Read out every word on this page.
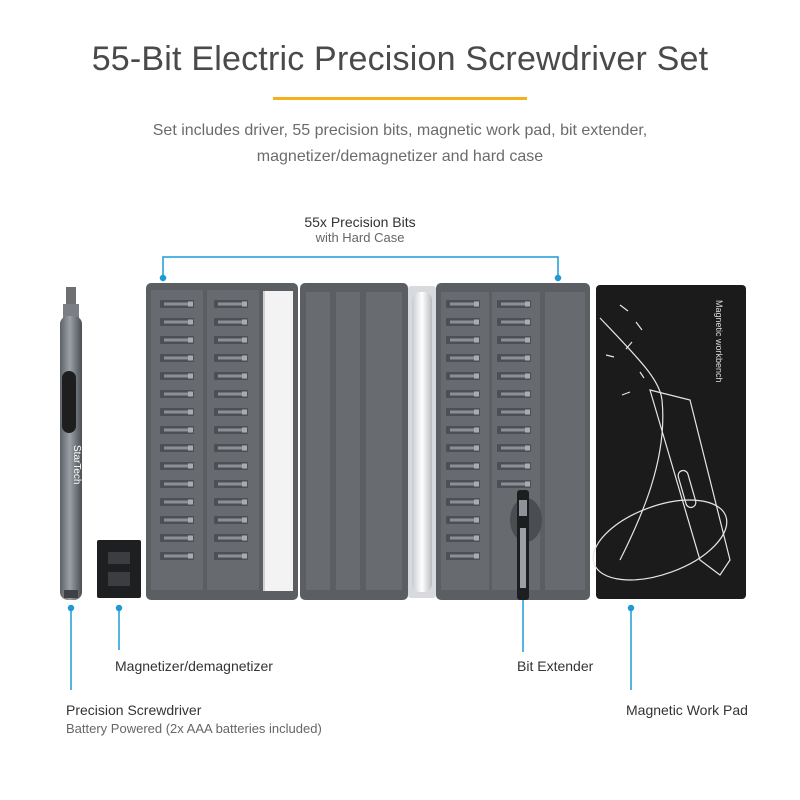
55-Bit Electric Precision Screwdriver Set
Set includes driver, 55 precision bits, magnetic work pad, bit extender,
magnetizer/demagnetizer and hard case
StarTech
Magnetic workbench
55x Precision Bits
with Hard Case
Magnetizer/demagnetizer	Bit Extender
Precision Screwdriver
Battery Powered (2x AAA batteries included)
Magnetic Work Pad
